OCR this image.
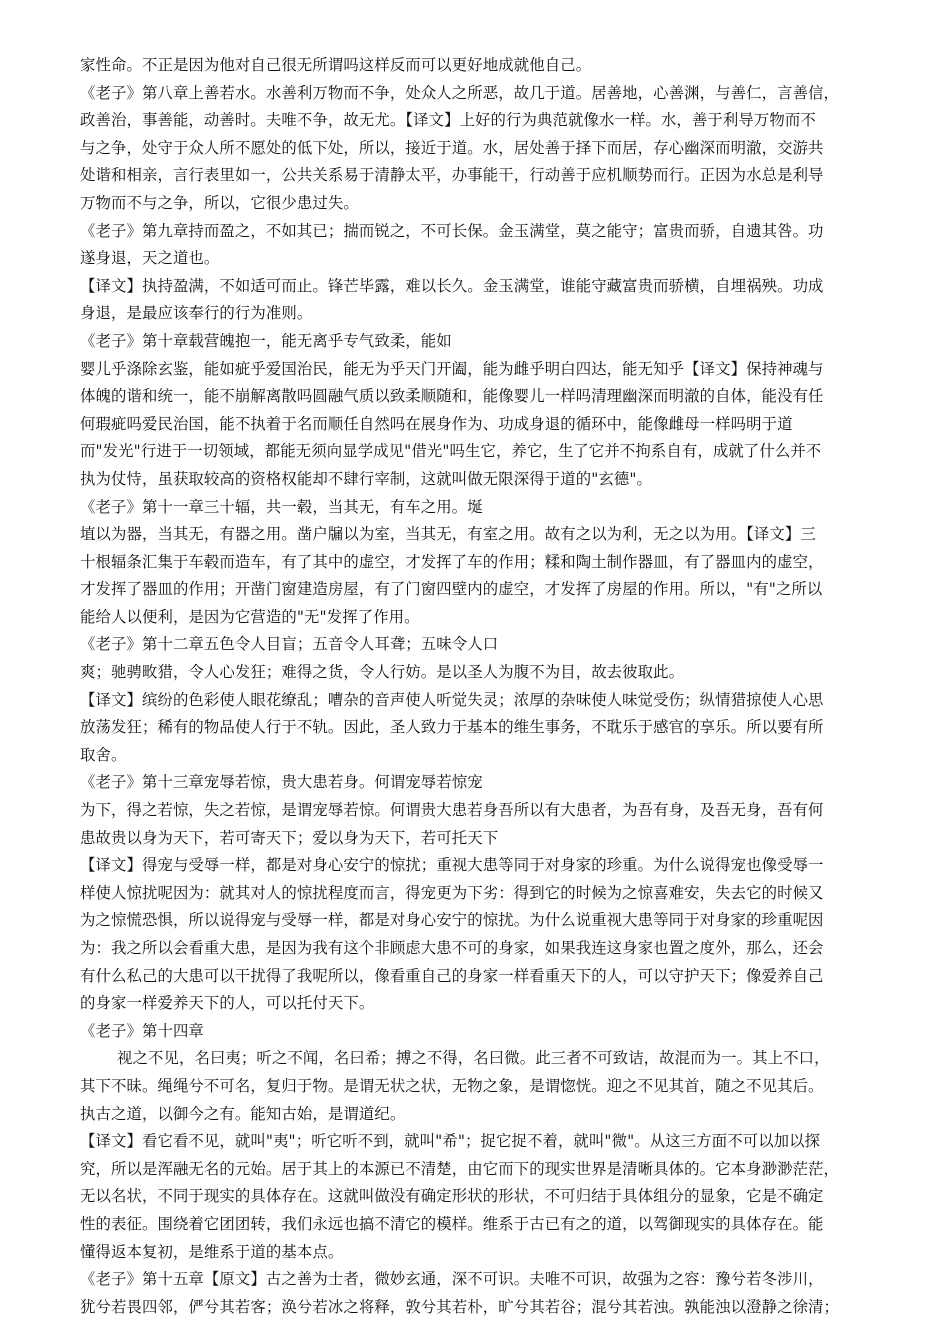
家性命。不正是因为他对自己很无所谓吗这样反而可以更好地成就他自己。
《老子》第八章上善若水。水善利万物而不争，处众人之所恶，故几于道。居善地，心善渊，与善仁，言善信，
政善治，事善能，动善时。夫唯不争，故无尤。【译文】上好的行为典范就像水一样。水，善于利导万物而不
与之争，处守于众人所不愿处的低下处，所以，接近于道。水，居处善于择下而居，存心幽深而明澈，交游共
处谐和相亲，言行表里如一，公共关系易于清静太平，办事能干，行动善于应机顺势而行。正因为水总是利导
万物而不与之争，所以，它很少患过失。
《老子》第九章持而盈之，不如其已；揣而锐之，不可长保。金玉满堂，莫之能守；富贵而骄，自遗其咎。功
遂身退，天之道也。
【译文】执持盈满，不如适可而止。锋芒毕露，难以长久。金玉满堂，谁能守藏富贵而骄横，自埋祸殃。功成
身退，是最应该奉行的行为准则。
《老子》第十章载营魄抱一，能无离乎专气致柔，能如
婴儿乎涤除玄鉴，能如疵乎爱国治民，能无为乎天门开阖，能为雌乎明白四达，能无知乎【译文】保持神魂与
体魄的谐和统一，能不崩解离散吗圆融气质以致柔顺随和，能像婴儿一样吗清理幽深而明澈的自体，能没有任
何瑕疵吗爱民治国，能不执着于名而顺任自然吗在展身作为、功成身退的循环中，能像雌母一样吗明于道
而"发光"行进于一切领域，都能无须向显学成见"借光"吗生它，养它，生了它并不拘系自有，成就了什么并不
执为仗恃，虽获取较高的资格权能却不肆行宰制，这就叫做无限深得于道的"玄德"。
《老子》第十一章三十辐，共一毂，当其无，有车之用。埏
埴以为器，当其无，有器之用。凿户牖以为室，当其无，有室之用。故有之以为利，无之以为用。【译文】三
十根辐条汇集于车毂而造车，有了其中的虚空，才发挥了车的作用；糅和陶土制作器皿，有了器皿内的虚空，
才发挥了器皿的作用；开凿门窗建造房屋，有了门窗四壁内的虚空，才发挥了房屋的作用。所以，"有"之所以
能给人以便利，是因为它营造的"无"发挥了作用。
《老子》第十二章五色令人目盲；五音令人耳聋；五味令人口
爽；驰骋畋猎，令人心发狂；难得之货，令人行妨。是以圣人为腹不为目，故去彼取此。
【译文】缤纷的色彩使人眼花缭乱；嘈杂的音声使人听觉失灵；浓厚的杂味使人味觉受伤；纵情猎掠使人心思
放荡发狂；稀有的物品使人行于不轨。因此，圣人致力于基本的维生事务，不耽乐于感官的享乐。所以要有所
取舍。
《老子》第十三章宠辱若惊，贵大患若身。何谓宠辱若惊宠
为下，得之若惊，失之若惊，是谓宠辱若惊。何谓贵大患若身吾所以有大患者，为吾有身，及吾无身，吾有何
患故贵以身为天下，若可寄天下；爱以身为天下，若可托天下
【译文】得宠与受辱一样，都是对身心安宁的惊扰；重视大患等同于对身家的珍重。为什么说得宠也像受辱一
样使人惊扰呢因为：就其对人的惊扰程度而言，得宠更为下劣：得到它的时候为之惊喜难安，失去它的时候又
为之惊慌恐惧，所以说得宠与受辱一样，都是对身心安宁的惊扰。为什么说重视大患等同于对身家的珍重呢因
为：我之所以会看重大患，是因为我有这个非顾虑大患不可的身家，如果我连这身家也置之度外，那么，还会
有什么私己的大患可以干扰得了我呢所以，像看重自己的身家一样看重天下的人，可以守护天下；像爱养自己
的身家一样爱养天下的人，可以托付天下。
《老子》第十四章
视之不见，名曰夷；听之不闻，名曰希；搏之不得，名曰微。此三者不可致诘，故混而为一。其上不口，
其下不昧。绳绳兮不可名，复归于物。是谓无状之状，无物之象，是谓惚恍。迎之不见其首，随之不见其后。
执古之道，以御今之有。能知古始，是谓道纪。
【译文】看它看不见，就叫"夷"；听它听不到，就叫"希"；捉它捉不着，就叫"微"。从这三方面不可以加以探
究，所以是浑融无名的元始。居于其上的本源已不清楚，由它而下的现实世界是清晰具体的。它本身渺渺茫茫，
无以名状，不同于现实的具体存在。这就叫做没有确定形状的形状，不可归结于具体组分的显象，它是不确定
性的表征。围绕着它团团转，我们永远也搞不清它的模样。维系于古已有之的道，以驾御现实的具体存在。能
懂得返本复初，是维系于道的基本点。
《老子》第十五章【原文】古之善为士者，微妙玄通，深不可识。夫唯不可识，故强为之容：豫兮若冬涉川，
犹兮若畏四邻，俨兮其若客；涣兮若冰之将释，敦兮其若朴，旷兮其若谷；混兮其若浊。孰能浊以澄静之徐清；
